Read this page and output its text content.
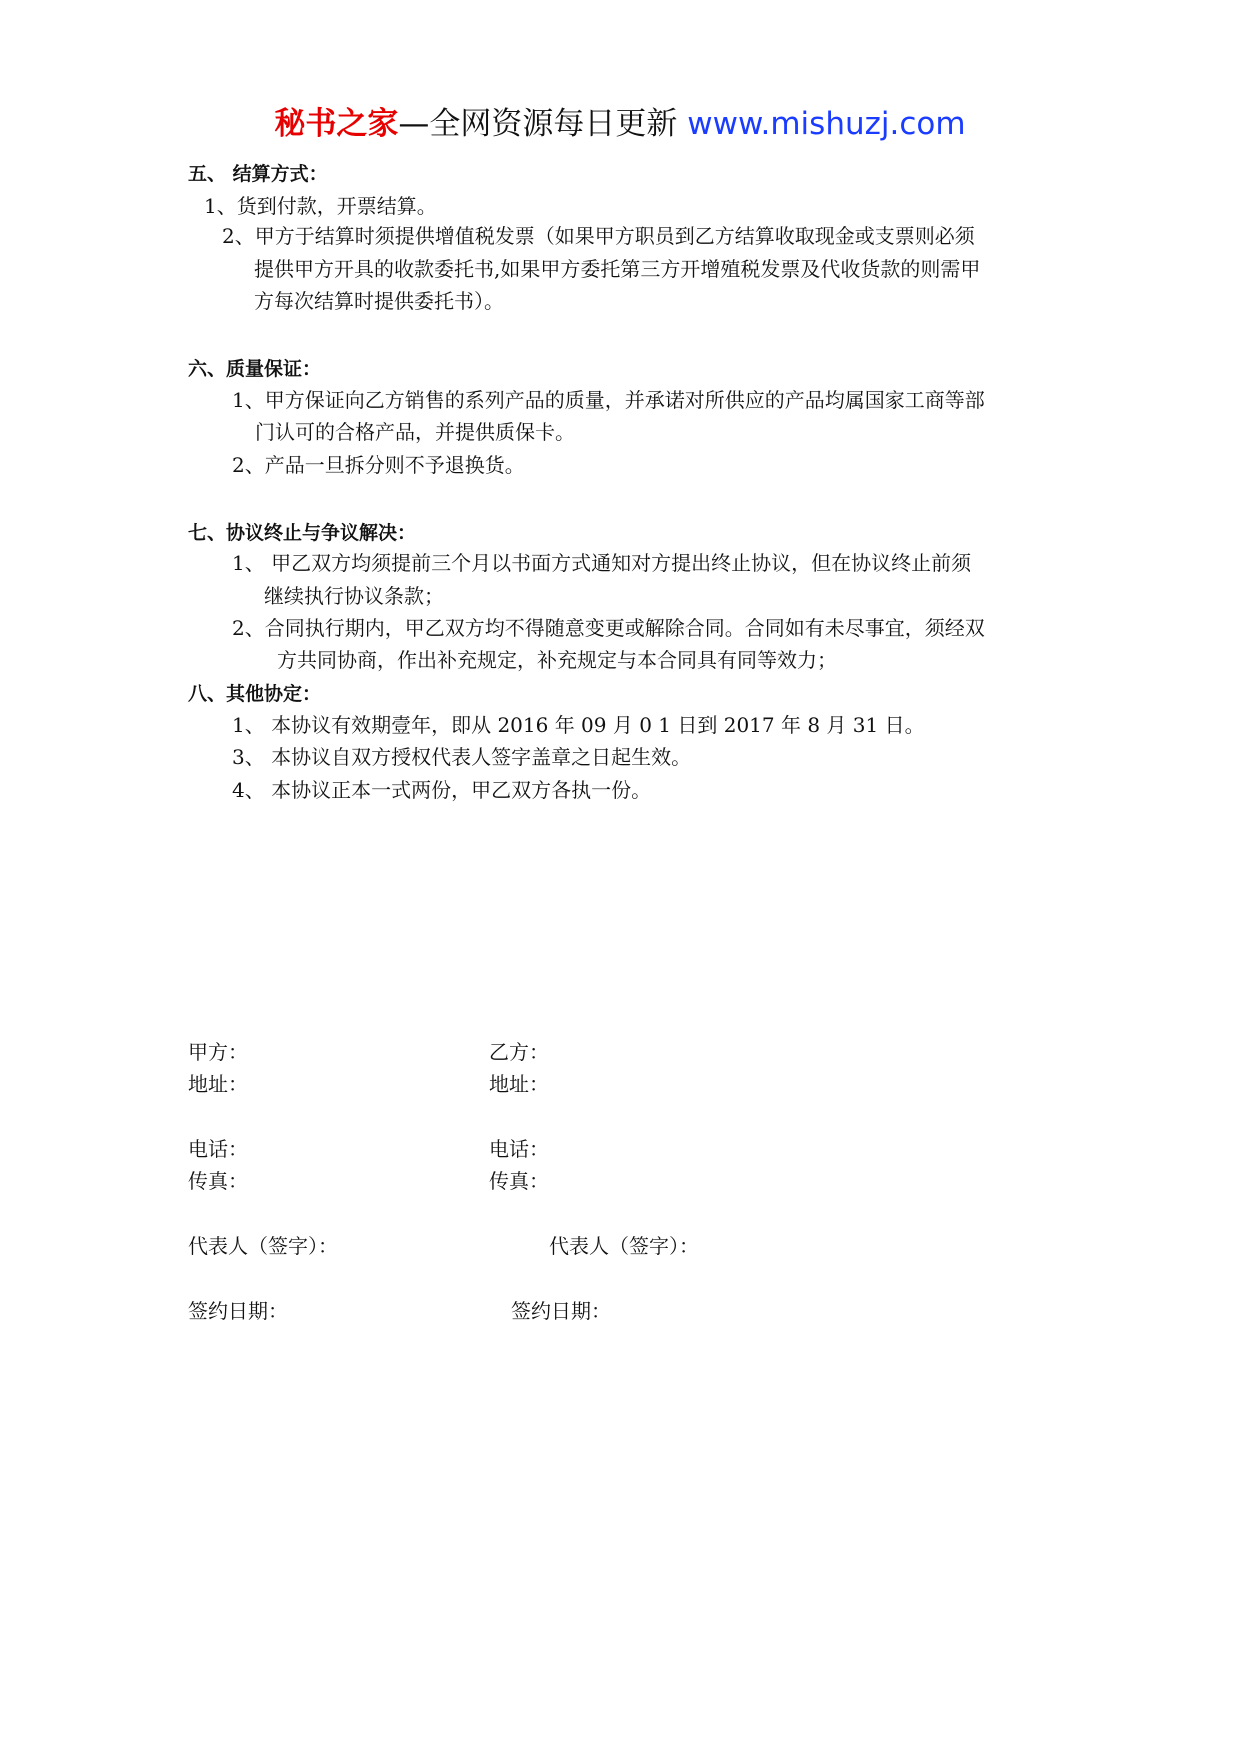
秘书之家—全网资源每日更新 www.mishuzj.com
五、 结算方式：
1、货到付款，开票结算。
2、甲方于结算时须提供增值税发票（如果甲方职员到乙方结算收取现金或支票则必须
提供甲方开具的收款委托书,如果甲方委托第三方开增殖税发票及代收货款的则需甲
方每次结算时提供委托书）。
六、质量保证：
1、甲方保证向乙方销售的系列产品的质量，并承诺对所供应的产品均属国家工商等部
门认可的合格产品，并提供质保卡。
2、产品一旦拆分则不予退换货。
七、协议终止与争议解决：
1、 甲乙双方均须提前三个月以书面方式通知对方提出终止协议，但在协议终止前须
继续执行协议条款；
2、合同执行期内，甲乙双方均不得随意变更或解除合同。合同如有未尽事宜，须经双
方共同协商，作出补充规定，补充规定与本合同具有同等效力；
八、其他协定：
1、 本协议有效期壹年，即从 2016 年 09 月 0 1 日到 2017 年 8 月 31 日。
3、 本协议自双方授权代表人签字盖章之日起生效。
4、 本协议正本一式两份，甲乙双方各执一份。
甲方：	乙方：
地址：	地址：
电话：	电话：
传真：	传真：
代表人（签字）：	代表人（签字）：
签约日期：	签约日期：
